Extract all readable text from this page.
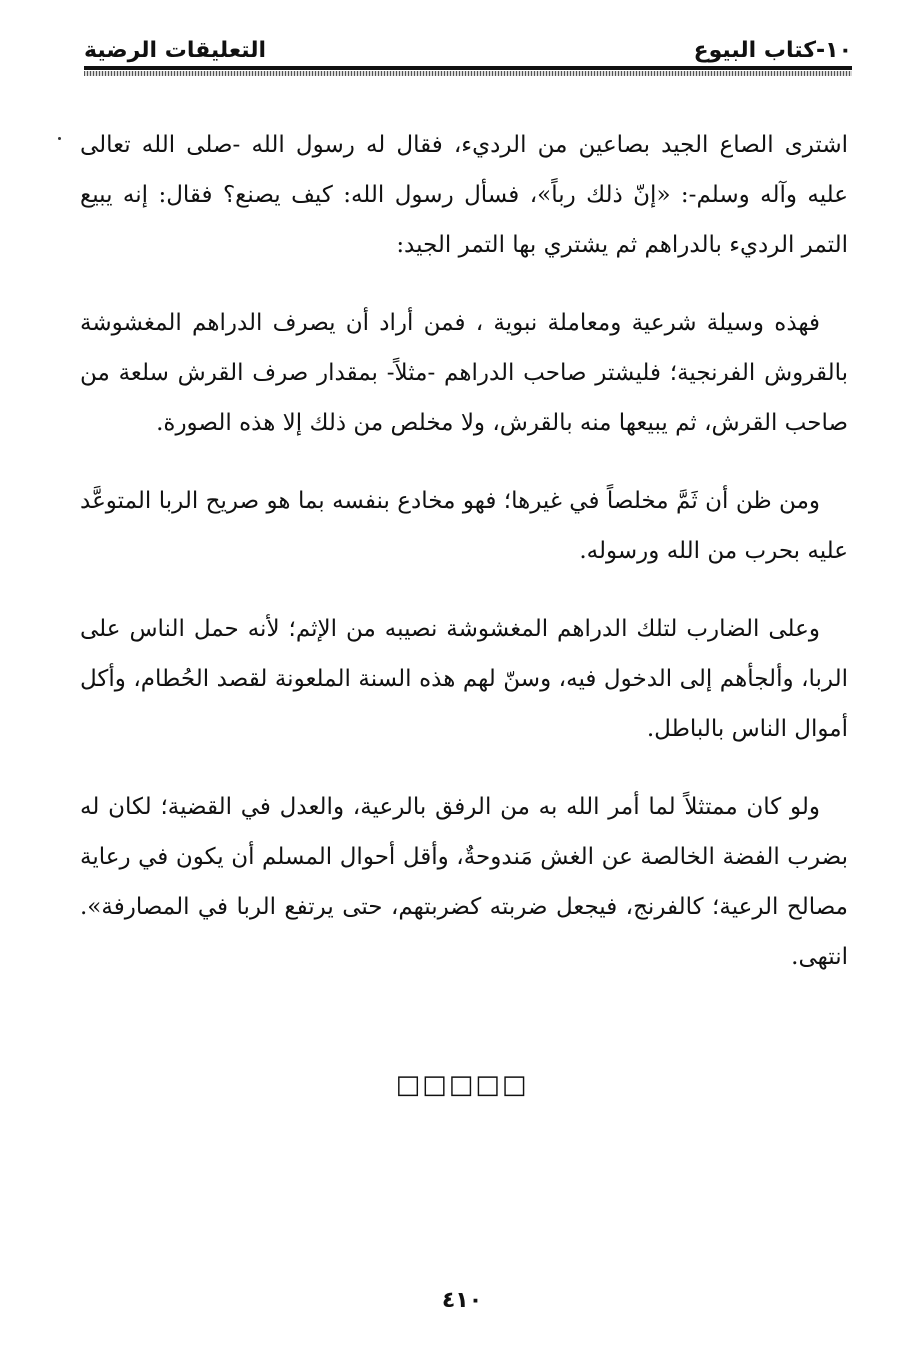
١٠-كتاب البيوع
التعليقات الرضية

اشترى الصاع الجيد بصاعين من الرديء، فقال له رسول الله -صلى الله تعالى عليه وآله وسلم-: «إنّ ذلك رباً»، فسأل رسول الله: كيف يصنع؟ فقال: إنه يبيع التمر الرديء بالدراهم ثم يشتري بها التمر الجيد:

فهذه وسيلة شرعية ومعاملة نبوية ، فمن أراد أن يصرف الدراهم المغشوشة بالقروش الفرنجية؛ فليشتر صاحب الدراهم -مثلاً- بمقدار صرف القرش سلعة من صاحب القرش، ثم يبيعها منه بالقرش، ولا مخلص من ذلك إلا هذه الصورة.

ومن ظن أن ثَمَّ مخلصاً في غيرها؛ فهو مخادع بنفسه بما هو صريح الربا المتوعَّد عليه بحرب من الله ورسوله.

وعلى الضارب لتلك الدراهم المغشوشة نصيبه من الإثم؛ لأنه حمل الناس على الربا، وألجأهم إلى الدخول فيه، وسنّ لهم هذه السنة الملعونة لقصد الحُطام، وأكل أموال الناس بالباطل.

ولو كان ممتثلاً لما أمر الله به من الرفق بالرعية، والعدل في القضية؛ لكان له بضرب الفضة الخالصة عن الغش مَندوحةٌ، وأقل أحوال المسلم أن يكون في رعاية مصالح الرعية؛ كالفرنج، فيجعل ضربته كضربتهم، حتى يرتفع الربا في المصارفة». انتهى.

□□□□□
٤١٠
